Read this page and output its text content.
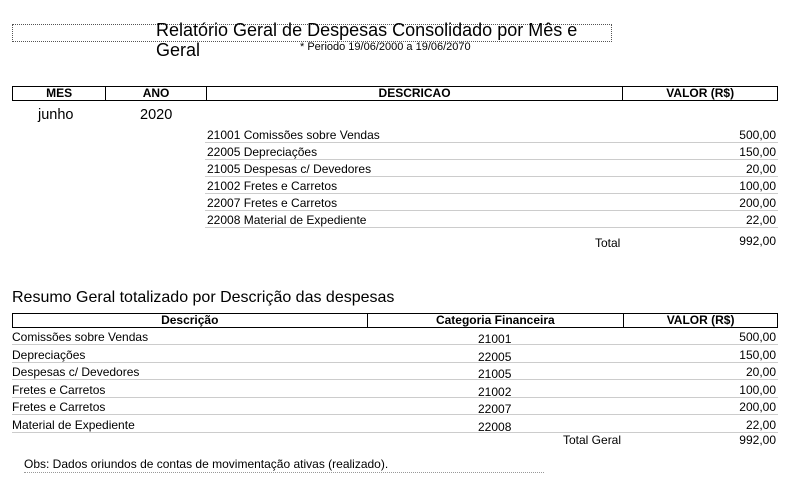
Relatório Geral de Despesas Consolidado por Mês e
Geral	* Periodo 19/06/2000 a 19/06/2070
MES	ANO	DESCRICAO	VALOR (R$)
junho	2020
21001 Comissões sobre Vendas	500,00
22005 Depreciações	150,00
21005 Despesas c/ Devedores	20,00
21002 Fretes e Carretos	100,00
22007 Fretes e Carretos	200,00
22008 Material de Expediente	22,00
Total	992,00
Resumo Geral totalizado por Descrição das despesas
Descrição	Categoria Financeira	VALOR (R$)
Comissões sobre Vendas	21001	500,00
Depreciações	22005	150,00
Despesas c/ Devedores	21005	20,00
Fretes e Carretos	21002	100,00
Fretes e Carretos	22007	200,00
Material de Expediente	22008	22,00
Total Geral	992,00
Obs: Dados oriundos de contas de movimentação ativas (realizado).
